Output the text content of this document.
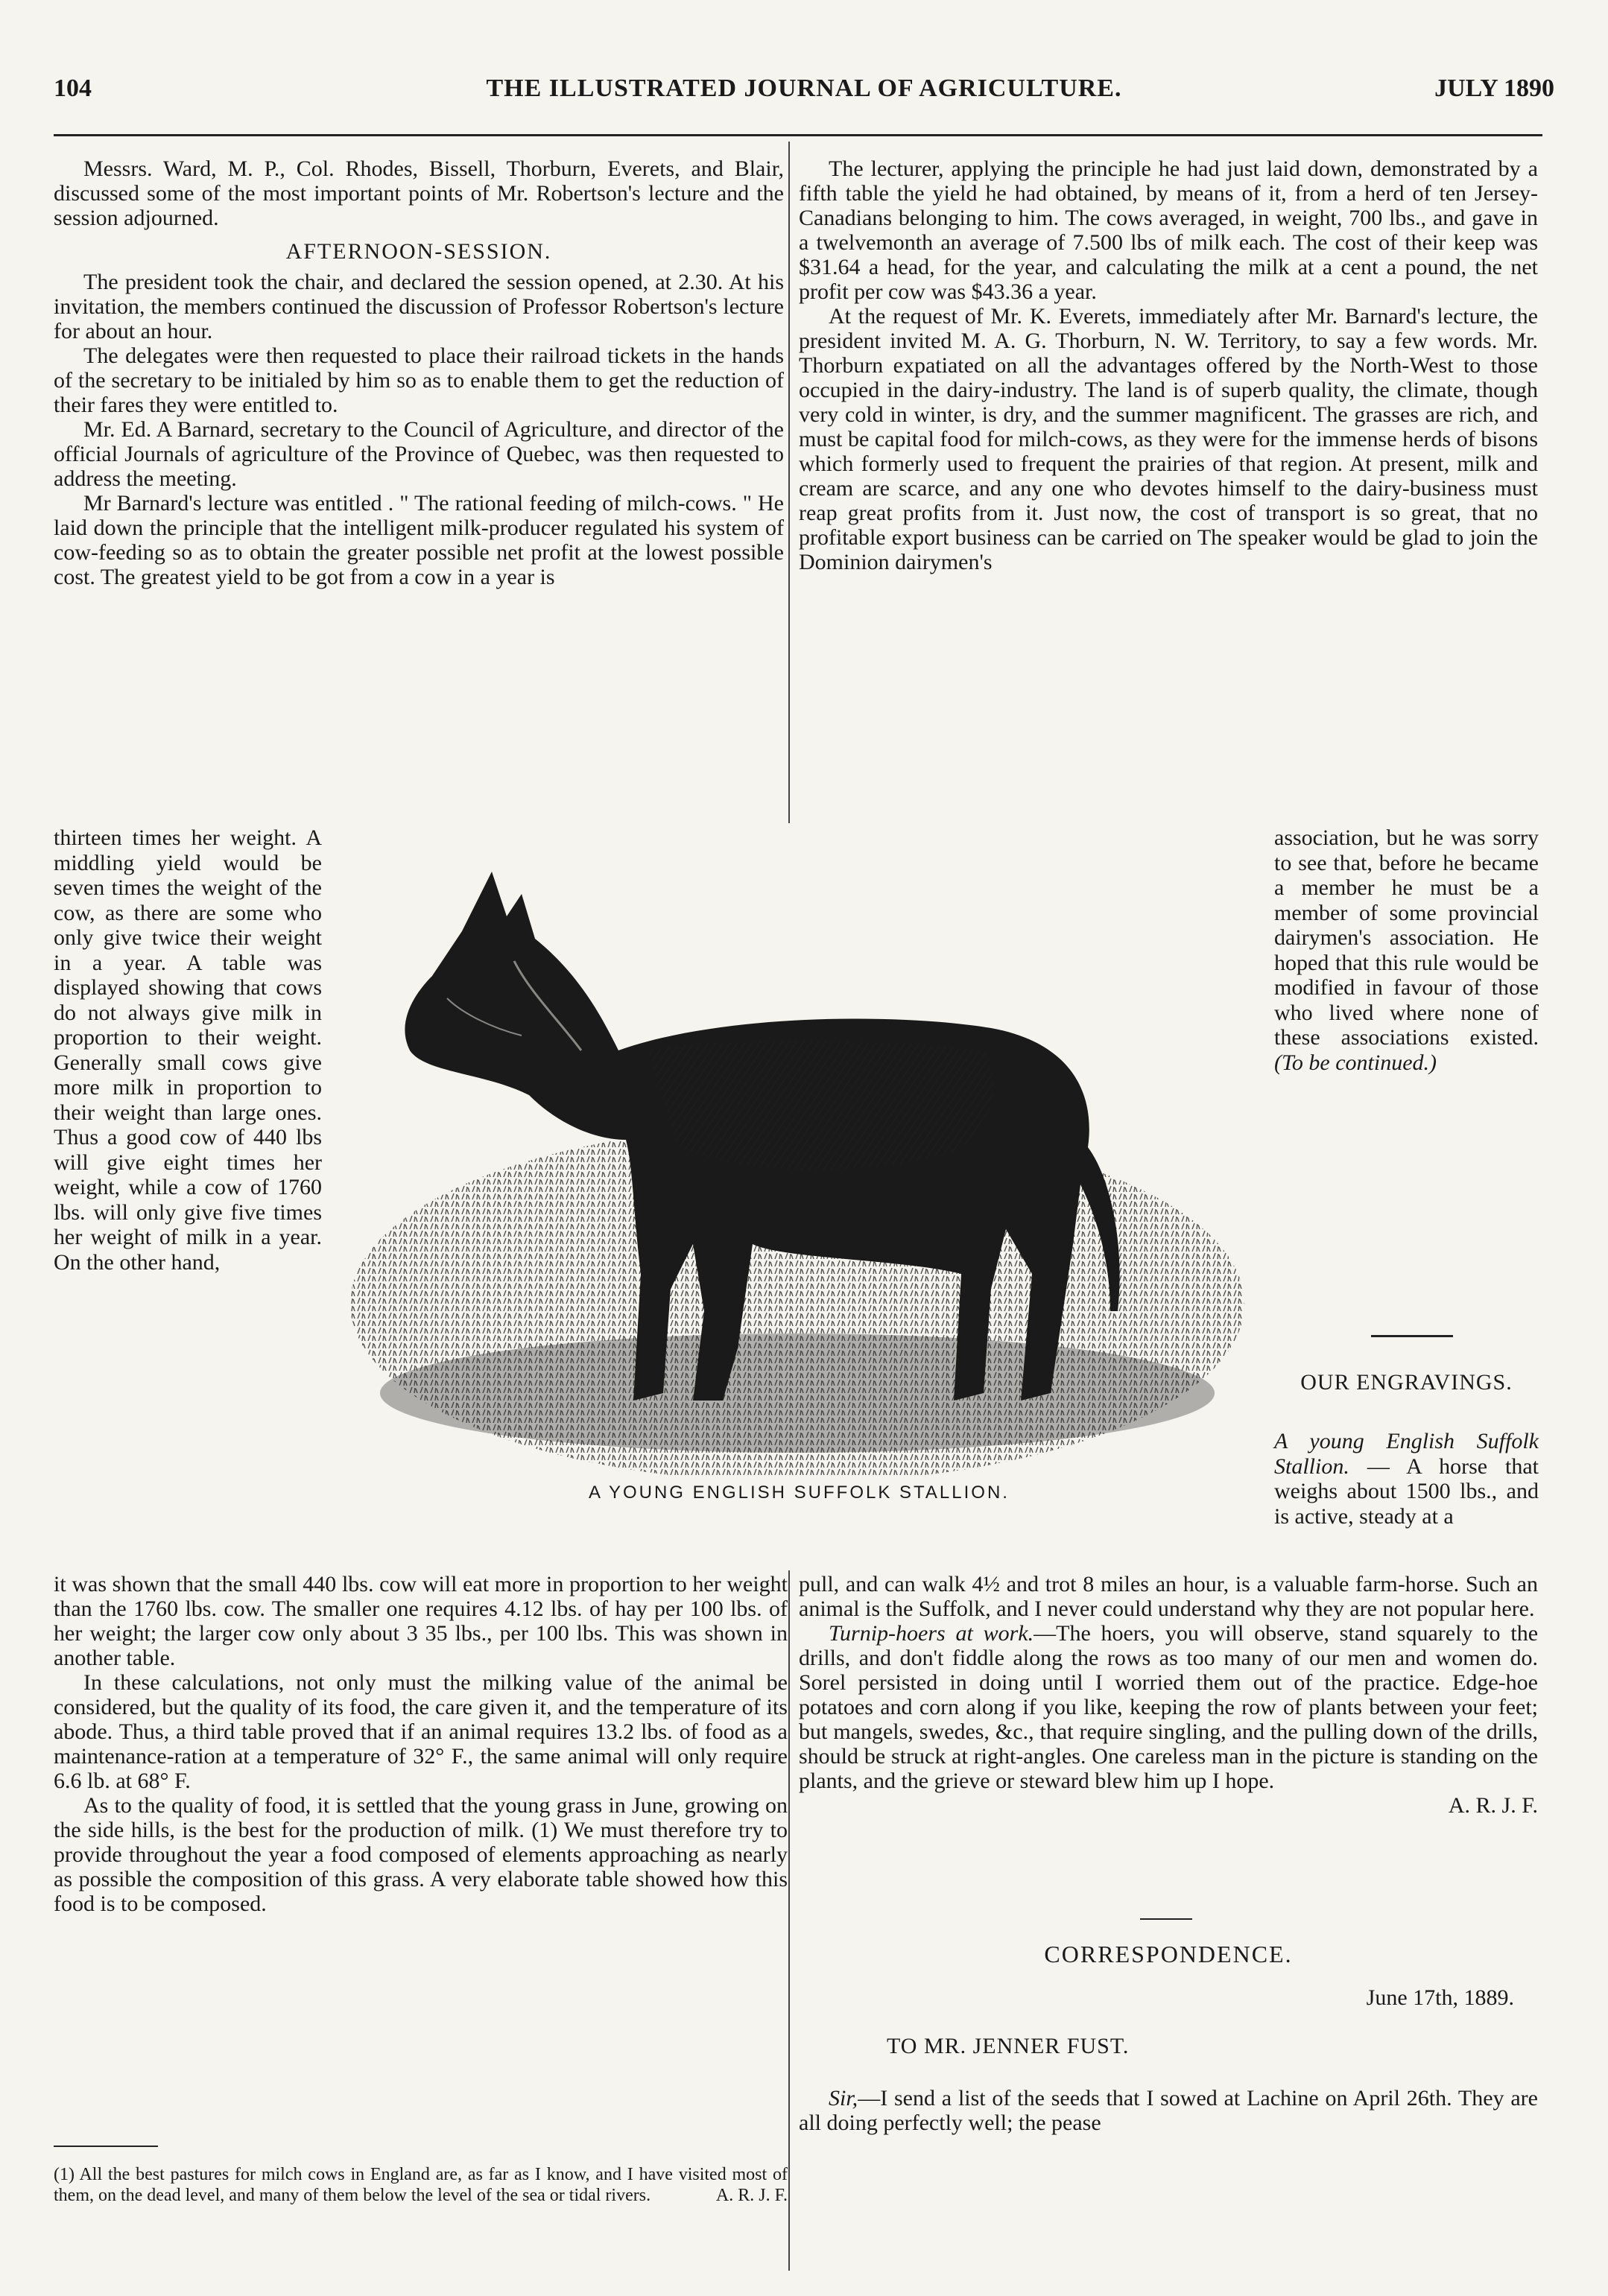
104	THE ILLUSTRATED JOURNAL OF AGRICULTURE.	JULY 1890

Messrs. Ward, M. P., Col. Rhodes, Bissell, Thorburn, Everets, and Blair, discussed some of the most important points of Mr. Robertson's lecture and the session adjourned.

AFTERNOON-SESSION.

The president took the chair, and declared the session opened, at 2.30. At his invitation, the members continued the discussion of Professor Robertson's lecture for about an hour.

The delegates were then requested to place their railroad tickets in the hands of the secretary to be initialed by him so as to enable them to get the reduction of their fares they were entitled to.

Mr. Ed. A Barnard, secretary to the Council of Agriculture, and director of the official Journals of agriculture of the Province of Quebec, was then requested to address the meeting.

Mr Barnard's lecture was entitled . " The rational feeding of milch-cows. " He laid down the principle that the intelligent milk-producer regulated his system of cow-feeding so as to obtain the greater possible net profit at the lowest possible cost. The greatest yield to be got from a cow in a year is

The lecturer, applying the principle he had just laid down, demonstrated by a fifth table the yield he had obtained, by means of it, from a herd of ten Jersey-Canadians belonging to him. The cows averaged, in weight, 700 lbs., and gave in a twelvemonth an average of 7.500 lbs of milk each. The cost of their keep was $31.64 a head, for the year, and calculating the milk at a cent a pound, the net profit per cow was $43.36 a year.

At the request of Mr. K. Everets, immediately after Mr. Barnard's lecture, the president invited M. A. G. Thorburn, N. W. Territory, to say a few words. Mr. Thorburn expatiated on all the advantages offered by the North-West to those occupied in the dairy-industry. The land is of superb quality, the climate, though very cold in winter, is dry, and the summer magnificent. The grasses are rich, and must be capital food for milch-cows, as they were for the immense herds of bisons which formerly used to frequent the prairies of that region. At present, milk and cream are scarce, and any one who devotes himself to the dairy-business must reap great profits from it. Just now, the cost of transport is so great, that no profitable export business can be carried on The speaker would be glad to join the Dominion dairymen's

thirteen times her weight. A middling yield would be seven times the weight of the cow, as there are some who only give twice their weight in a year. A table was displayed showing that cows do not always give milk in proportion to their weight. Generally small cows give more milk in proportion to their weight than large ones. Thus a good cow of 440 lbs will give eight times her weight, while a cow of 1760 lbs. will only give five times her weight of milk in a year. On the other hand,
A YOUNG ENGLISH SUFFOLK STALLION.
association, but he was sorry to see that, before he became a member he must be a member of some provincial dairymen's association. He hoped that this rule would be modified in favour of those who lived where none of these associations existed. (To be continued.)
OUR ENGRAVINGS.
A young English Suffolk Stallion. — A horse that weighs about 1500 lbs., and is active, steady at a

it was shown that the small 440 lbs. cow will eat more in proportion to her weight than the 1760 lbs. cow. The smaller one requires 4.12 lbs. of hay per 100 lbs. of her weight; the larger cow only about 3 35 lbs., per 100 lbs. This was shown in another table.

In these calculations, not only must the milking value of the animal be considered, but the quality of its food, the care given it, and the temperature of its abode. Thus, a third table proved that if an animal requires 13.2 lbs. of food as a maintenance-ration at a temperature of 32° F., the same animal will only require 6.6 lb. at 68° F.

As to the quality of food, it is settled that the young grass in June, growing on the side hills, is the best for the production of milk. (1) We must therefore try to provide throughout the year a food composed of elements approaching as nearly as possible the composition of this grass. A very elaborate table showed how this food is to be composed.

(1) All the best pastures for milch cows in England are, as far as I know, and I have visited most of them, on the dead level, and many of them below the level of the sea or tidal rivers.	A. R. J. F.

pull, and can walk 4½ and trot 8 miles an hour, is a valuable farm-horse. Such an animal is the Suffolk, and I never could understand why they are not popular here.

Turnip-hoers at work.—The hoers, you will observe, stand squarely to the drills, and don't fiddle along the rows as too many of our men and women do. Sorel persisted in doing until I worried them out of the practice. Edge-hoe potatoes and corn along if you like, keeping the row of plants between your feet; but mangels, swedes, &c., that require singling, and the pulling down of the drills, should be struck at right-angles. One careless man in the picture is standing on the plants, and the grieve or steward blew him up I hope.

A. R. J. F.

CORRESPONDENCE.
June 17th, 1889.
TO MR. JENNER FUST.

Sir,—I send a list of the seeds that I sowed at Lachine on April 26th. They are all doing perfectly well; the pease
